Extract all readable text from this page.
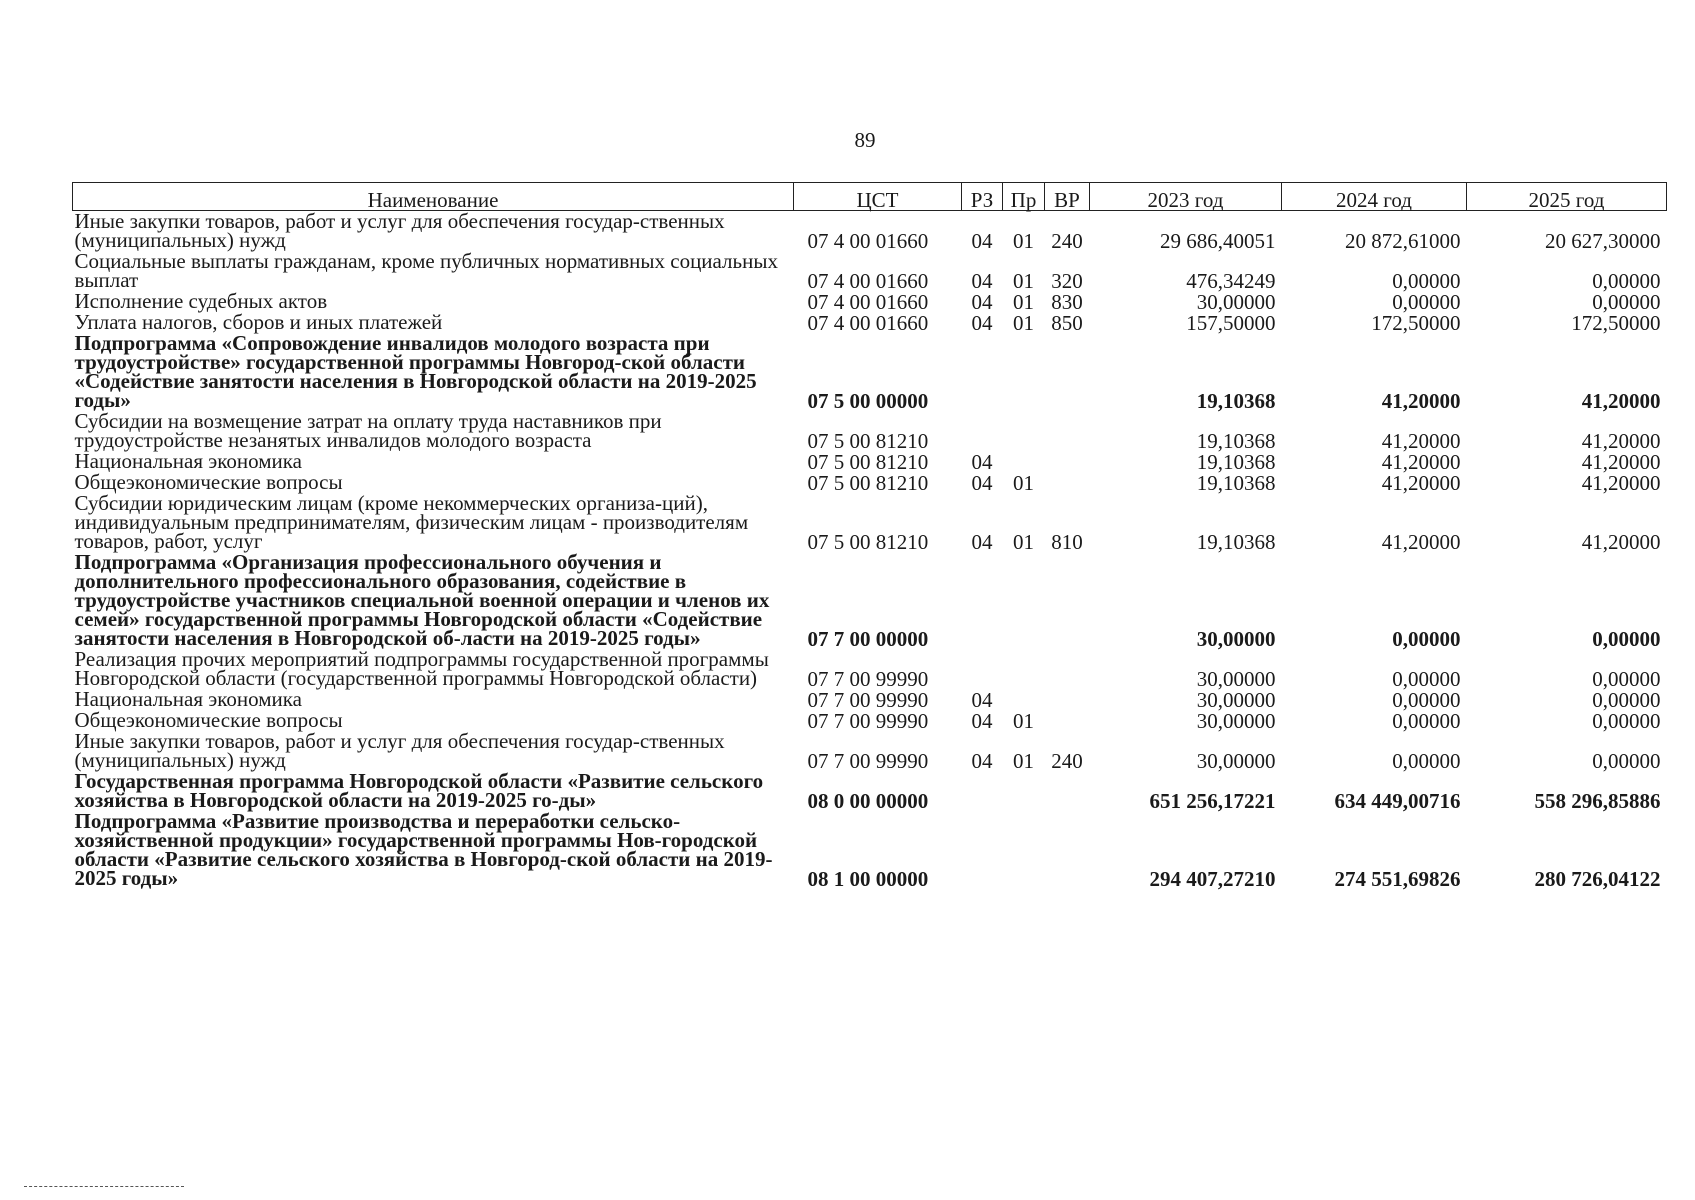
89
Наименование	ЦСТ	РЗ	Пр	ВР	2023 год	2024 год	2025 год
Иные закупки товаров, работ и услуг для обеспечения государ-ственных (муниципальных) нужд	07 4 00 01660	04	01	240	29 686,40051	20 872,61000	20 627,30000
Социальные выплаты гражданам, кроме публичных нормативных социальных выплат	07 4 00 01660	04	01	320	476,34249	0,00000	0,00000
Исполнение судебных актов	07 4 00 01660	04	01	830	30,00000	0,00000	0,00000
Уплата налогов, сборов и иных платежей	07 4 00 01660	04	01	850	157,50000	172,50000	172,50000
Подпрограмма «Сопровождение инвалидов молодого возраста при трудоустройстве» государственной программы Новгород-ской области «Содействие занятости населения в Новгородской области на 2019-2025 годы»	07 5 00 00000				19,10368	41,20000	41,20000
Субсидии на возмещение затрат на оплату труда наставников при трудоустройстве незанятых инвалидов молодого возраста	07 5 00 81210				19,10368	41,20000	41,20000
Национальная экономика	07 5 00 81210	04			19,10368	41,20000	41,20000
Общеэкономические вопросы	07 5 00 81210	04	01		19,10368	41,20000	41,20000
Субсидии юридическим лицам (кроме некоммерческих организа-ций), индивидуальным предпринимателям, физическим лицам - производителям товаров, работ, услуг	07 5 00 81210	04	01	810	19,10368	41,20000	41,20000
Подпрограмма «Организация профессионального обучения и дополнительного профессионального образования, содействие в трудоустройстве участников специальной военной операции и членов их семей» государственной программы Новгородской области «Содействие занятости населения в Новгородской об-ласти на 2019-2025 годы»	07 7 00 00000				30,00000	0,00000	0,00000
Реализация прочих мероприятий подпрограммы государственной программы Новгородской области (государственной программы Новгородской области)	07 7 00 99990				30,00000	0,00000	0,00000
Национальная экономика	07 7 00 99990	04			30,00000	0,00000	0,00000
Общеэкономические вопросы	07 7 00 99990	04	01		30,00000	0,00000	0,00000
Иные закупки товаров, работ и услуг для обеспечения государ-ственных (муниципальных) нужд	07 7 00 99990	04	01	240	30,00000	0,00000	0,00000
Государственная программа Новгородской области «Развитие сельского хозяйства в Новгородской области на 2019-2025 го-ды»	08 0 00 00000				651 256,17221	634 449,00716	558 296,85886
Подпрограмма «Развитие производства и переработки сельско-хозяйственной продукции» государственной программы Нов-городской области «Развитие сельского хозяйства в Новгород-ской области на 2019-2025 годы»	08 1 00 00000				294 407,27210	274 551,69826	280 726,04122
